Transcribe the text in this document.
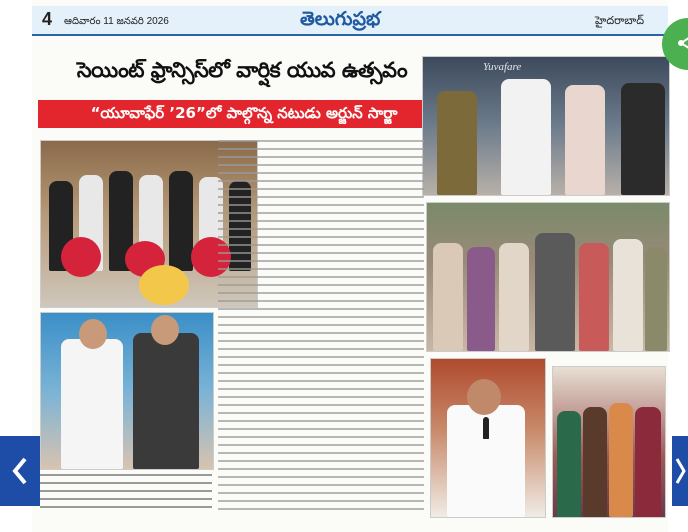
4 ఆదివారం 11 జనవరి 2026	తెలుగుప్రభ	హైదరాబాద్
సెయింట్ ఫ్రాన్సిస్‌లో వార్షిక యువ ఉత్సవం
“యూవాఫేర్ ’26”లో పాల్గొన్న నటుడు అర్జున్ సార్జా
Yuvafare
